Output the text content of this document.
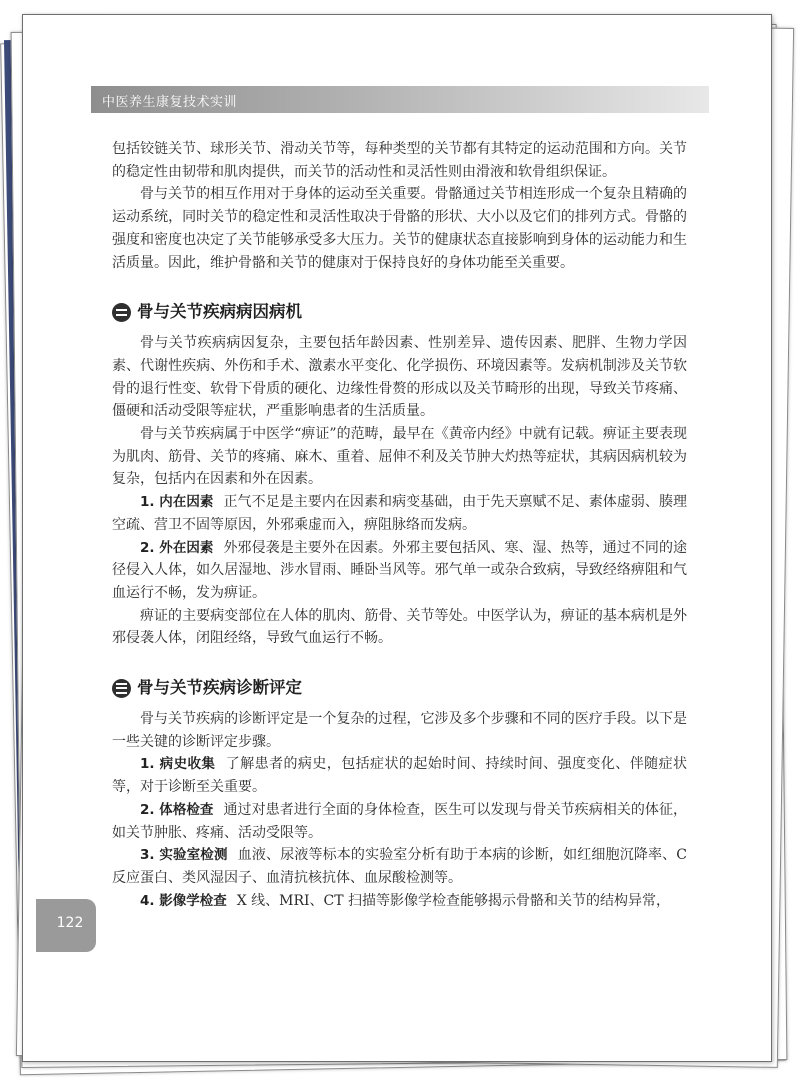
中医养生康复技术实训

包括铰链关节、球形关节、滑动关节等，每种类型的关节都有其特定的运动范围和方向。关节的稳定性由韧带和肌肉提供，而关节的活动性和灵活性则由滑液和软骨组织保证。

骨与关节的相互作用对于身体的运动至关重要。骨骼通过关节相连形成一个复杂且精确的运动系统，同时关节的稳定性和灵活性取决于骨骼的形状、大小以及它们的排列方式。骨骼的强度和密度也决定了关节能够承受多大压力。关节的健康状态直接影响到身体的运动能力和生活质量。因此，维护骨骼和关节的健康对于保持良好的身体功能至关重要。

骨与关节疾病病因病机

骨与关节疾病病因复杂，主要包括年龄因素、性别差异、遗传因素、肥胖、生物力学因素、代谢性疾病、外伤和手术、激素水平变化、化学损伤、环境因素等。发病机制涉及关节软骨的退行性变、软骨下骨质的硬化、边缘性骨赘的形成以及关节畸形的出现，导致关节疼痛、僵硬和活动受限等症状，严重影响患者的生活质量。

骨与关节疾病属于中医学“痹证”的范畴，最早在《黄帝内经》中就有记载。痹证主要表现为肌肉、筋骨、关节的疼痛、麻木、重着、屈伸不利及关节肿大灼热等症状，其病因病机较为复杂，包括内在因素和外在因素。

1. 内在因素 正气不足是主要内在因素和病变基础，由于先天禀赋不足、素体虚弱、腠理空疏、营卫不固等原因，外邪乘虚而入，痹阻脉络而发病。

2. 外在因素 外邪侵袭是主要外在因素。外邪主要包括风、寒、湿、热等，通过不同的途径侵入人体，如久居湿地、涉水冒雨、睡卧当风等。邪气单一或杂合致病，导致经络痹阻和气血运行不畅，发为痹证。

痹证的主要病变部位在人体的肌肉、筋骨、关节等处。中医学认为，痹证的基本病机是外邪侵袭人体，闭阻经络，导致气血运行不畅。

骨与关节疾病诊断评定

骨与关节疾病的诊断评定是一个复杂的过程，它涉及多个步骤和不同的医疗手段。以下是一些关键的诊断评定步骤。

1. 病史收集 了解患者的病史，包括症状的起始时间、持续时间、强度变化、伴随症状等，对于诊断至关重要。

2. 体格检查 通过对患者进行全面的身体检查，医生可以发现与骨关节疾病相关的体征，如关节肿胀、疼痛、活动受限等。

3. 实验室检测 血液、尿液等标本的实验室分析有助于本病的诊断，如红细胞沉降率、C 反应蛋白、类风湿因子、血清抗核抗体、血尿酸检测等。

4. 影像学检查 X 线、MRI、CT 扫描等影像学检查能够揭示骨骼和关节的结构异常，

122
